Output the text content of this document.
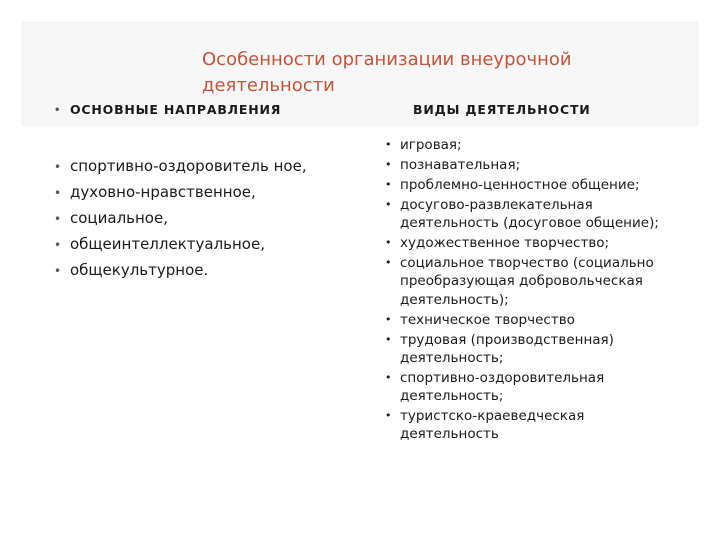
Особенности организации внеурочной деятельности
• ОСНОВНЫЕ НАПРАВЛЕНИЯ
• спортивно-оздоровитель ное,
• духовно-нравственное,
• социальное,
• общеинтеллектуальное,
• общекультурное.
ВИДЫ ДЕЯТЕЛЬНОСТИ
• игровая;
• познавательная;
• проблемно-ценностное общение;
• досугово-развлекательная деятельность (досуговое общение);
• художественное творчество;
• социальное творчество (социально преобразующая добровольческая деятельность);
• техническое творчество
• трудовая (производственная) деятельность;
• спортивно-оздоровительная деятельность;
• туристско-краеведческая деятельность
